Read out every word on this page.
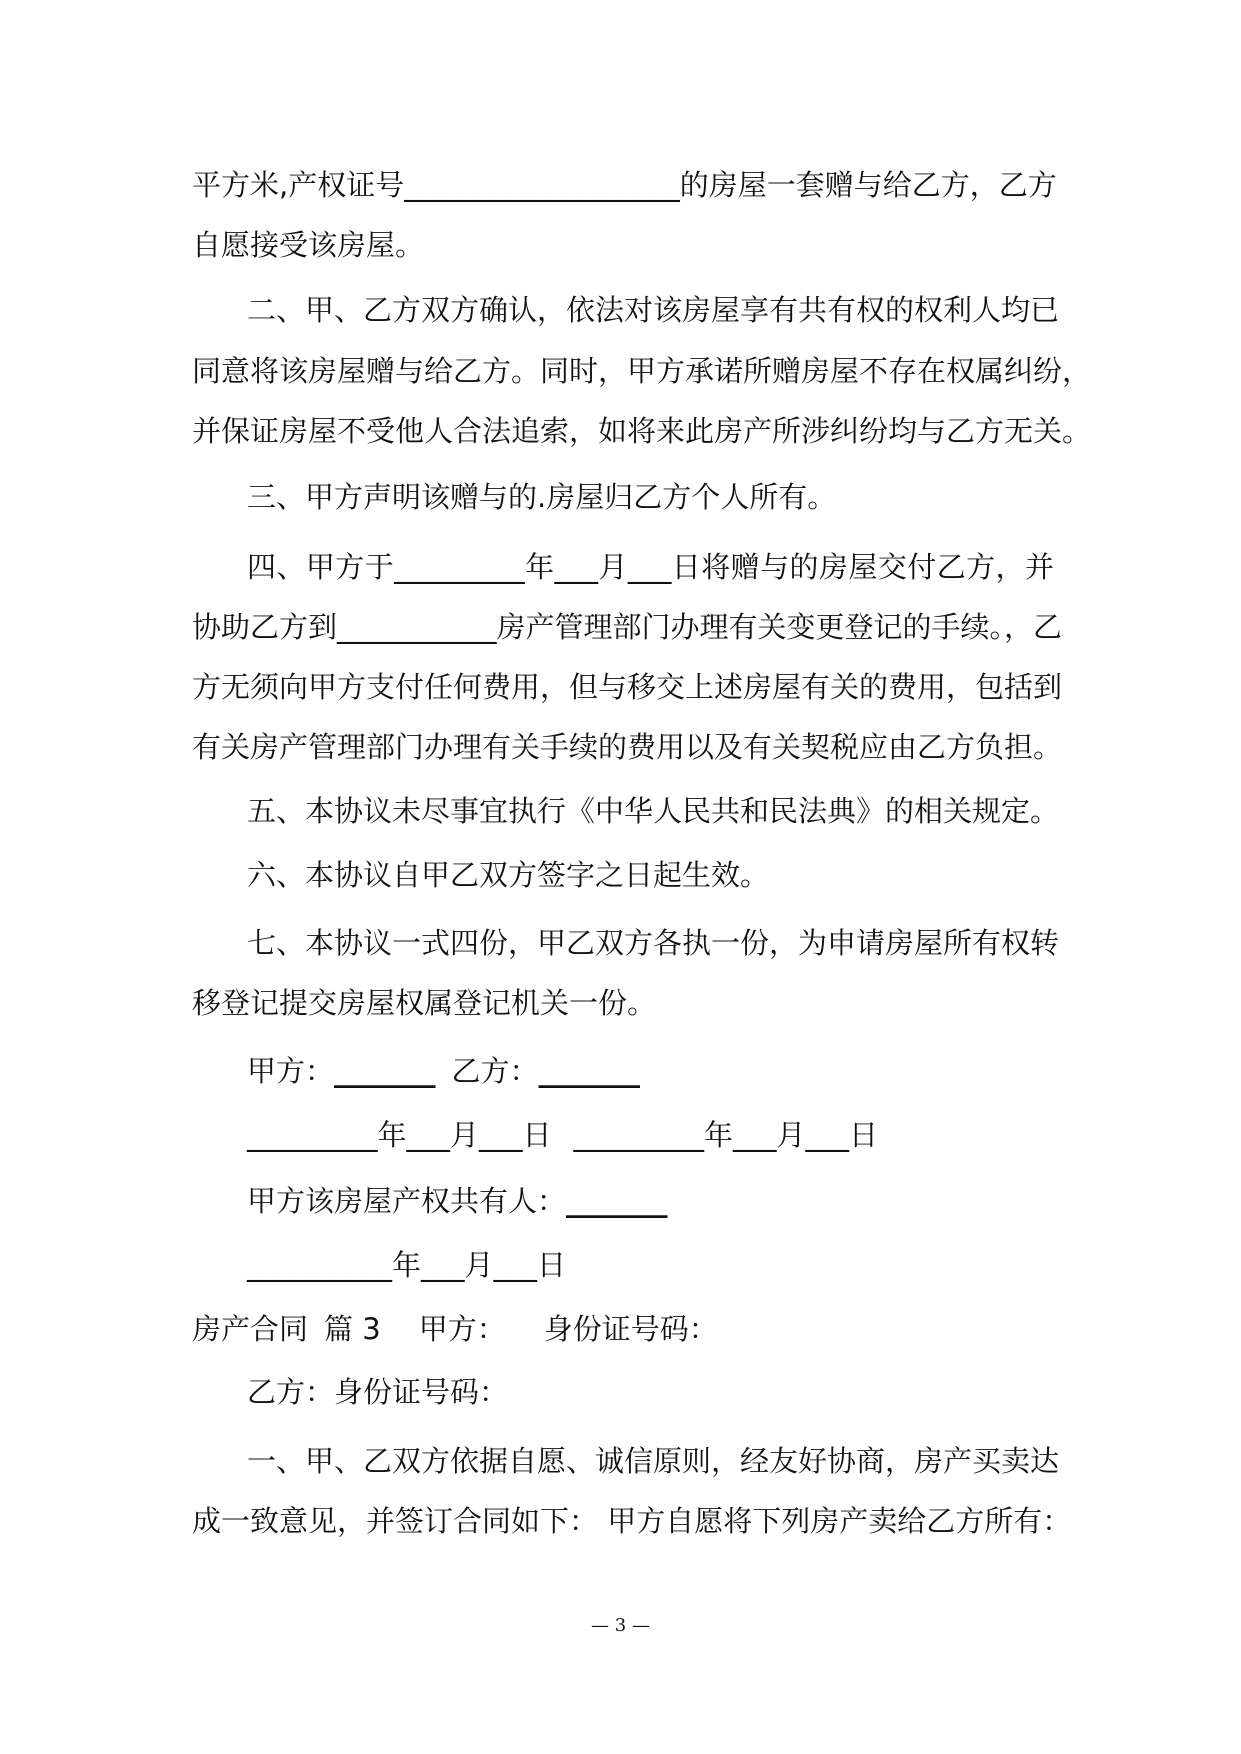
平方米,产权证号___________________的房屋一套赠与给乙方，乙方
自愿接受该房屋。
二、甲、乙方双方确认，依法对该房屋享有共有权的权利人均已
同意将该房屋赠与给乙方。同时，甲方承诺所赠房屋不存在权属纠纷，
并保证房屋不受他人合法追索，如将来此房产所涉纠纷均与乙方无关。
三、甲方声明该赠与的.房屋归乙方个人所有。
四、甲方于_________年___月___日将赠与的房屋交付乙方，并
协助乙方到___________房产管理部门办理有关变更登记的手续。，乙
方无须向甲方支付任何费用，但与移交上述房屋有关的费用，包括到
有关房产管理部门办理有关手续的费用以及有关契税应由乙方负担。
五、本协议未尽事宜执行《中华人民共和民法典》的相关规定。
六、本协议自甲乙双方签字之日起生效。
七、本协议一式四份，甲乙双方各执一份，为申请房屋所有权转
移登记提交房屋权属登记机关一份。
甲方：_______ 乙方：_______
_________年___月___日 _________年___月___日
甲方该房屋产权共有人：_______
__________年___月___日
房产合同 篇 3 甲方： 身份证号码：
乙方：身份证号码：
一、甲、乙双方依据自愿、诚信原则，经友好协商，房产买卖达
成一致意见，并签订合同如下： 甲方自愿将下列房产卖给乙方所有：
— 3 —
